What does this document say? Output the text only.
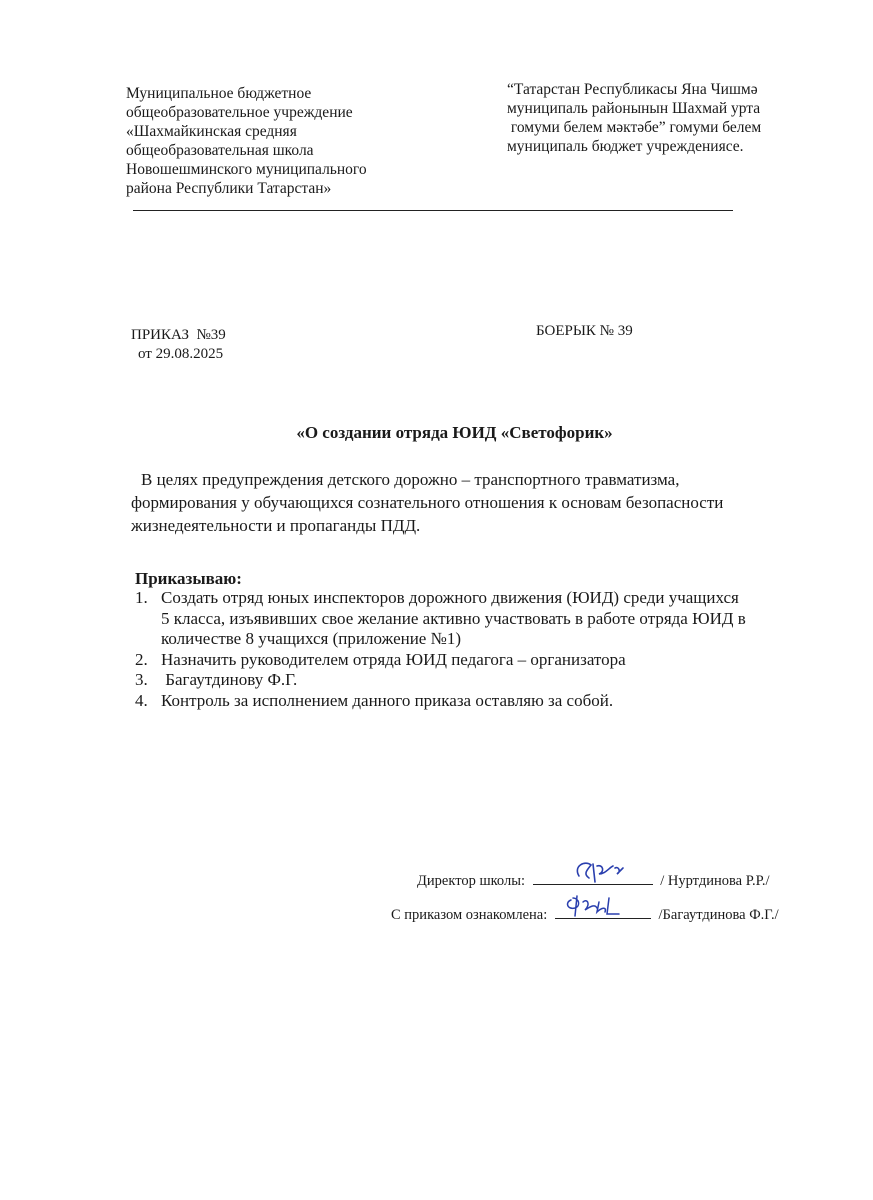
Муниципальное бюджетное
общеобразовательное учреждение
«Шахмайкинская средняя
общеобразовательная школа
Новошешминского муниципального
района Республики Татарстан»
“Татарстан Республикасы Яна Чишмә
муниципаль районынын Шахмай урта
гомуми белем мәктәбе” гомуми белем
муниципаль бюджет учреждениясе.
ПРИКАЗ  №39
от 29.08.2025
БОЕРЫК № 39
«О создании отряда ЮИД «Светофорик»
В целях предупреждения детского дорожно – транспортного травматизма,
формирования у обучающихся сознательного отношения к основам безопасности
жизнедеятельности и пропаганды ПДД.
Приказываю:
1. Создать отряд юных инспекторов дорожного движения (ЮИД) среди учащихся
5 класса, изъявивших свое желание активно участвовать в работе отряда ЮИД в
количестве 8 учащихся (приложение №1)
2. Назначить руководителем отряда ЮИД педагога – организатора
3. Багаутдинову Ф.Г.
4. Контроль за исполнением данного приказа оставляю за собой.
Директор школы:	/ Нуртдинова Р.Р./
С приказом ознакомлена:	/Багаутдинова Ф.Г./
